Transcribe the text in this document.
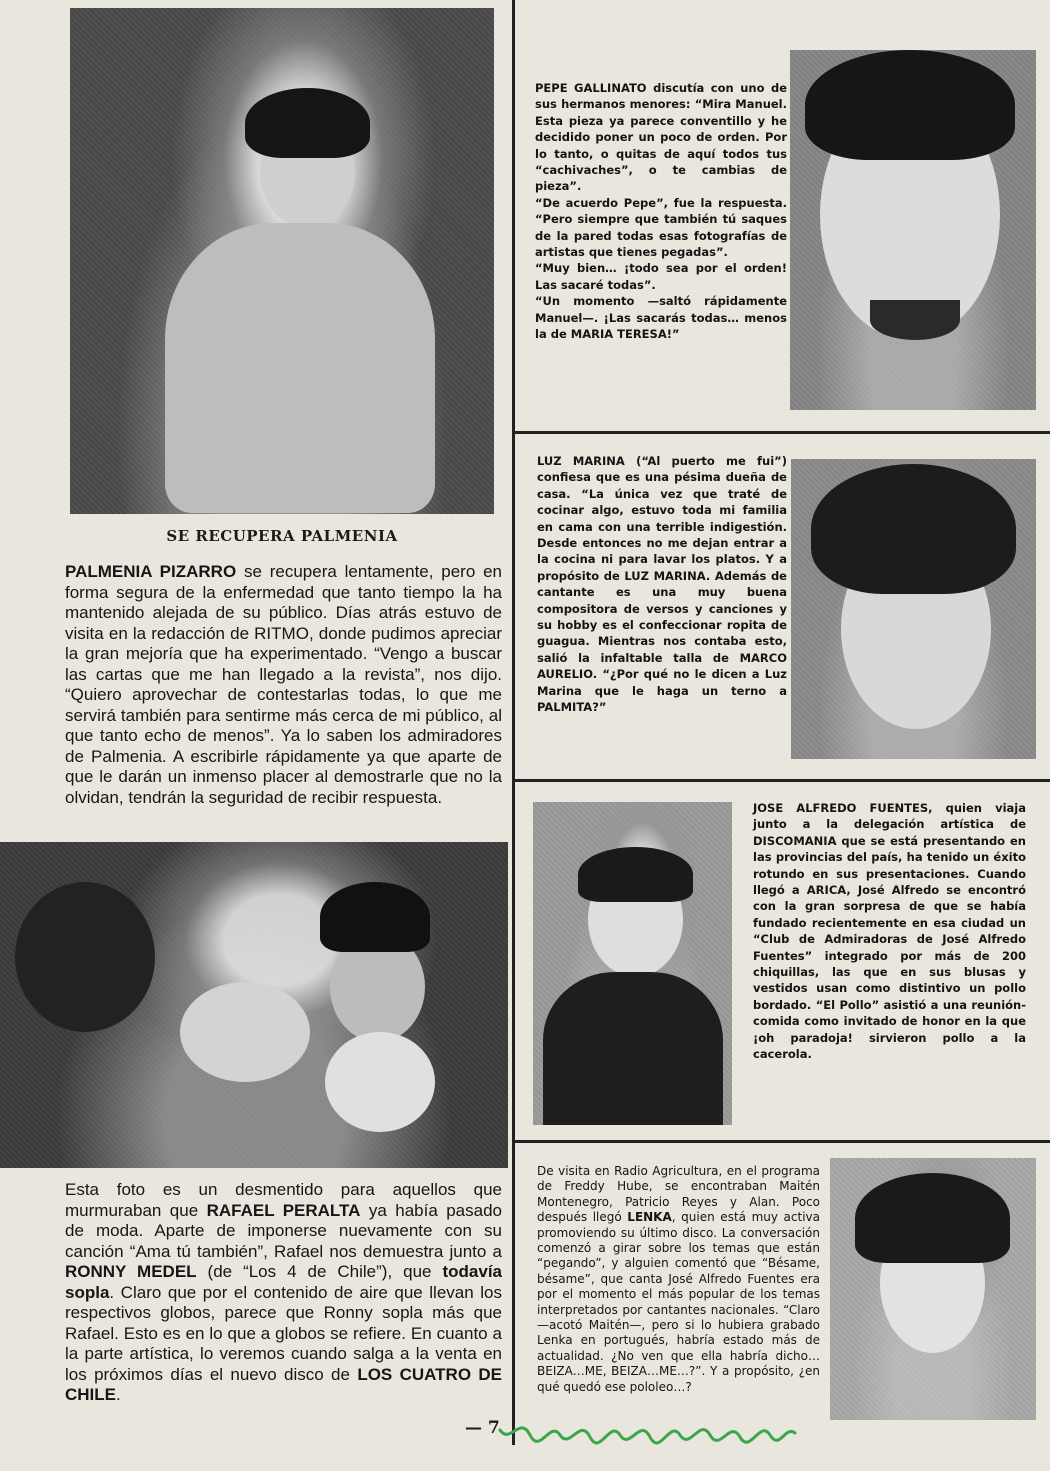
SE RECUPERA PALMENIA
PALMENIA PIZARRO se recupera lentamente, pero en forma segura de la enfermedad que tanto tiempo la ha mantenido alejada de su público. Días atrás estuvo de visita en la redacción de RITMO, donde pudimos apreciar la gran mejoría que ha experimentado. “Vengo a buscar las cartas que me han llegado a la revista”, nos dijo. “Quiero aprovechar de contestarlas todas, lo que me servirá también para sentirme más cerca de mi público, al que tanto echo de menos”. Ya lo saben los admiradores de Palmenia. A escribirle rápidamente ya que aparte de que le darán un inmenso placer al demostrarle que no la olvidan, tendrán la seguridad de recibir respuesta.
Esta foto es un desmentido para aquellos que murmuraban que RAFAEL PERALTA ya había pasado de moda. Aparte de imponerse nuevamente con su canción “Ama tú también”, Rafael nos demuestra junto a RONNY MEDEL (de “Los 4 de Chile”), que todavía sopla. Claro que por el contenido de aire que llevan los respectivos globos, parece que Ronny sopla más que Rafael. Esto es en lo que a globos se refiere. En cuanto a la parte artística, lo veremos cuando salga a la venta en los próximos días el nuevo disco de LOS CUATRO DE CHILE.
PEPE GALLINATO discutía con uno de sus hermanos menores: “Mira Manuel. Esta pieza ya parece conventillo y he decidido poner un poco de orden. Por lo tanto, o quitas de aquí todos tus “cachivaches”, o te cambias de pieza”.
“De acuerdo Pepe”, fue la respuesta. “Pero siempre que también tú saques de la pared todas esas fotografías de artistas que tienes pegadas”.
“Muy bien… ¡todo sea por el orden! Las sacaré todas”.
“Un momento —saltó rápidamente Manuel—. ¡Las sacarás todas… menos la de MARIA TERESA!”
LUZ MARINA (“Al puerto me fui”) confiesa que es una pésima dueña de casa. “La única vez que traté de cocinar algo, estuvo toda mi familia en cama con una terrible indigestión. Desde entonces no me dejan entrar a la cocina ni para lavar los platos. Y a propósito de LUZ MARINA. Además de cantante es una muy buena compositora de versos y canciones y su hobby es el confeccionar ropita de guagua. Mientras nos contaba esto, salió la infaltable talla de MARCO AURELIO. “¿Por qué no le dicen a Luz Marina que le haga un terno a PALMITA?”
JOSE ALFREDO FUENTES, quien viaja junto a la delegación artística de DISCOMANIA que se está presentando en las provincias del país, ha tenido un éxito rotundo en sus presentaciones. Cuando llegó a ARICA, José Alfredo se encontró con la gran sorpresa de que se había fundado recientemente en esa ciudad un “Club de Admiradoras de José Alfredo Fuentes” integrado por más de 200 chiquillas, las que en sus blusas y vestidos usan como distintivo un pollo bordado. “El Pollo” asistió a una reunión-comida como invitado de honor en la que ¡oh paradoja! sirvieron pollo a la cacerola.
De visita en Radio Agricultura, en el programa de Freddy Hube, se encontraban Maitén Montenegro, Patricio Reyes y Alan. Poco después llegó LENKA, quien está muy activa promoviendo su último disco. La conversación comenzó a girar sobre los temas que están “pegando”, y alguien comentó que “Bésame, bésame”, que canta José Alfredo Fuentes era por el momento el más popular de los temas interpretados por cantantes nacionales. “Claro —acotó Maitén—, pero si lo hubiera grabado Lenka en portugués, habría estado más de actualidad. ¿No ven que ella habría dicho… BEIZA…ME, BEIZA…ME…?”. Y a propósito, ¿en qué quedó ese pololeo…?
— 7
